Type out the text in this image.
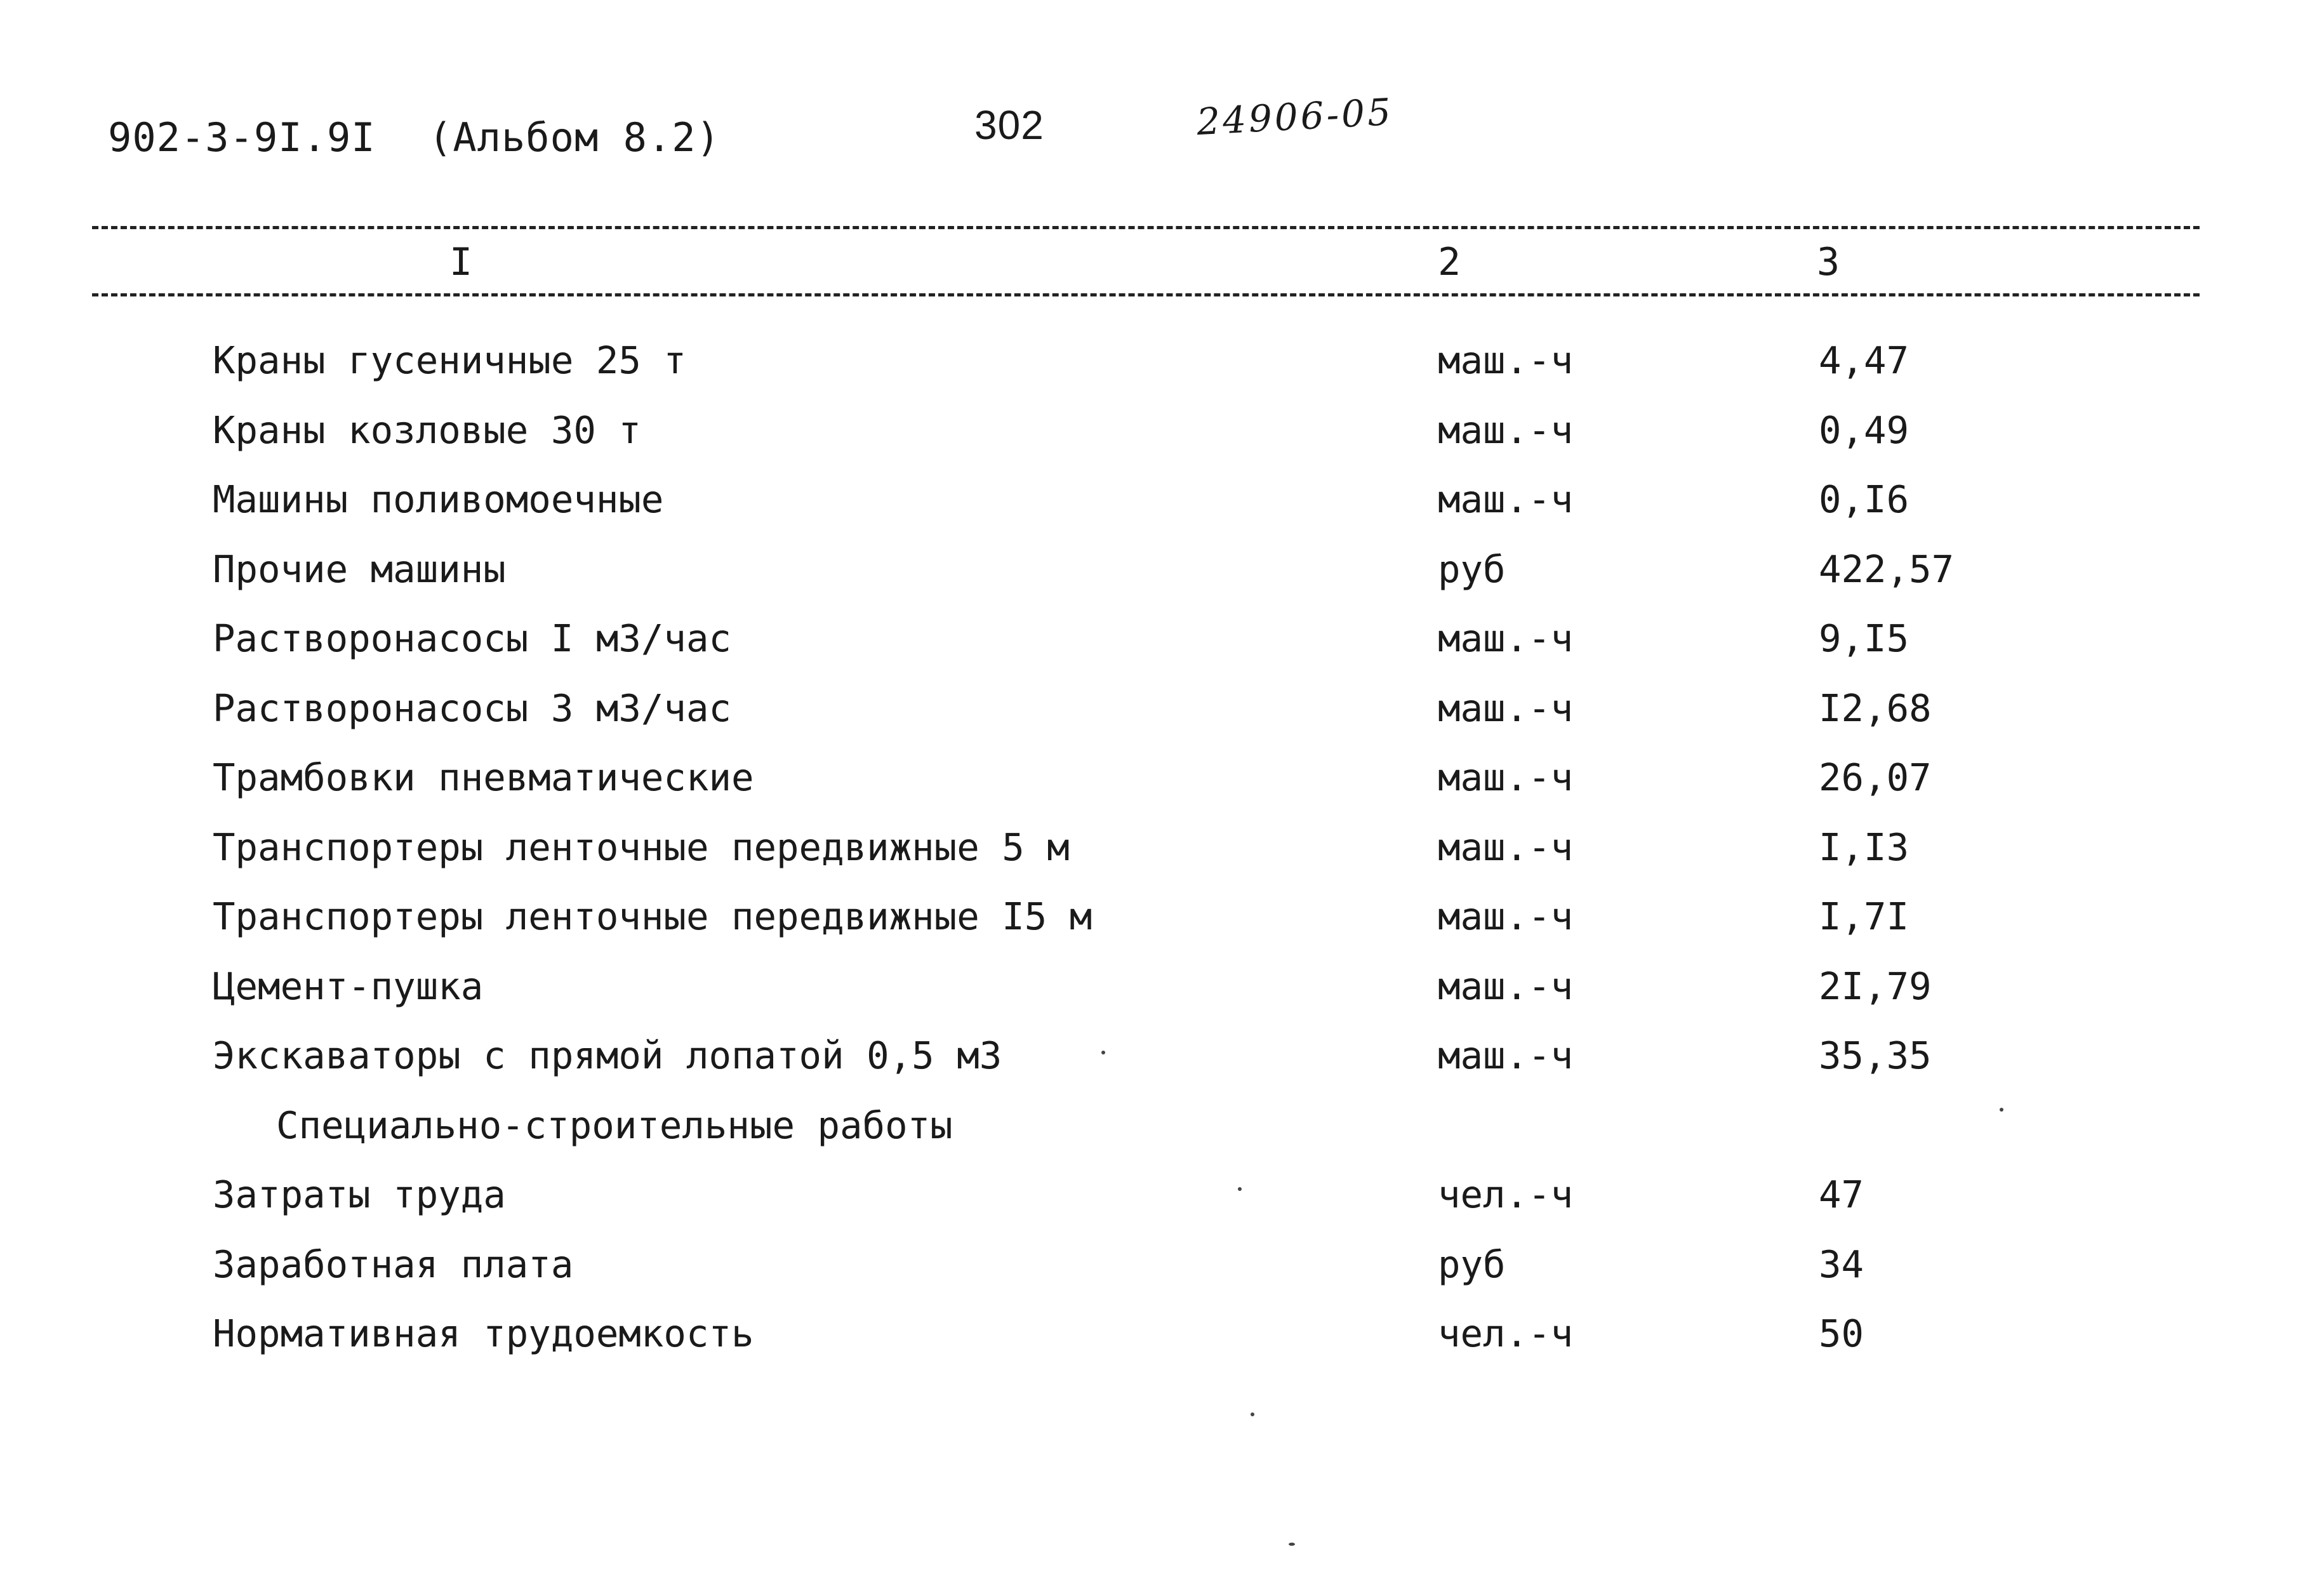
902-3-9I.9I (Альбом 8.2)	302	24906-05
I	2	3
Краны гусеничные 25 т	маш.-ч	4,47
Краны козловые 30 т	маш.-ч	0,49
Машины поливомоечные	маш.-ч	0,I6
Прочие машины	руб	422,57
Растворонасосы I м3/час	маш.-ч	9,I5
Растворонасосы 3 м3/час	маш.-ч	I2,68
Трамбовки пневматические	маш.-ч	26,07
Транспортеры ленточные передвижные 5 м	маш.-ч	I,I3
Транспортеры ленточные передвижные I5 м	маш.-ч	I,7I
Цемент-пушка	маш.-ч	2I,79
Экскаваторы с прямой лопатой 0,5 м3	маш.-ч	35,35
Специально-строительные работы
Затраты труда	чел.-ч	47
Заработная плата	руб	34
Нормативная трудоемкость	чел.-ч	50
